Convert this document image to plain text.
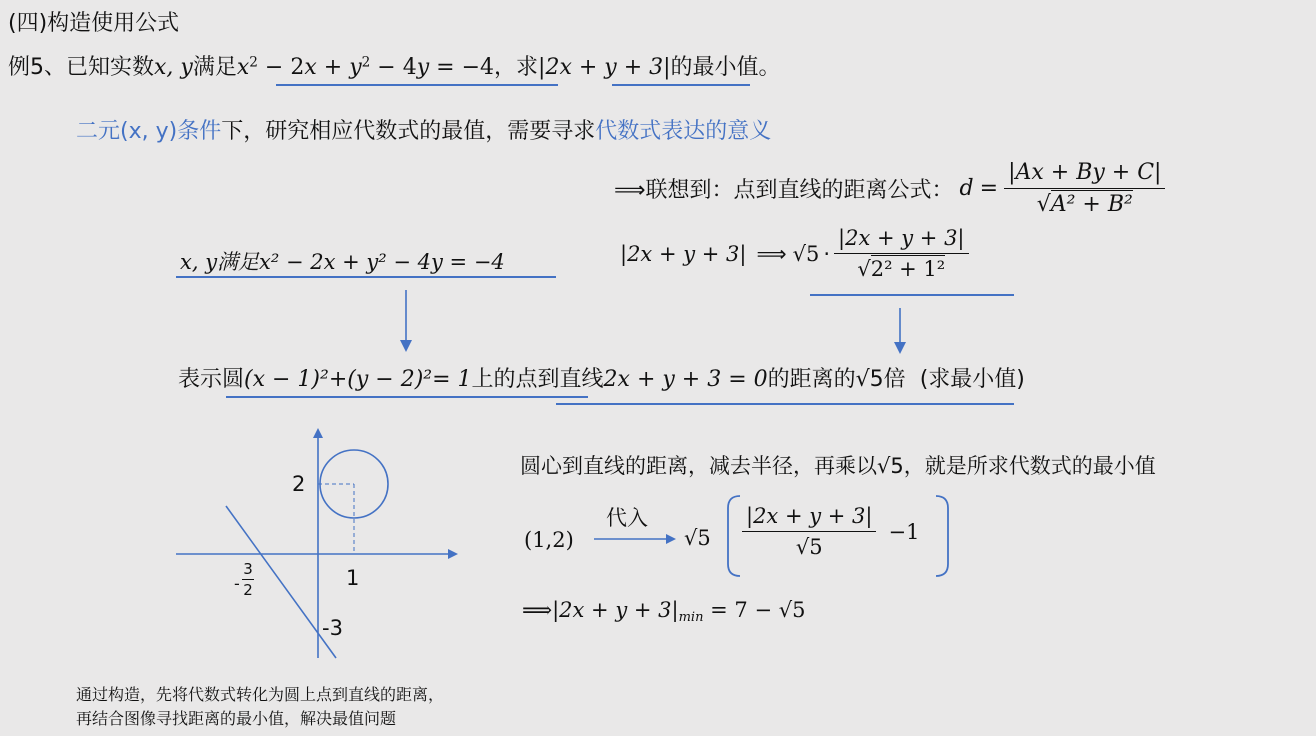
(四)构造使用公式
例5、已知实数x, y满足$x^2 - 2x + y^2 - 4y = -4$，求|2x + y + 3|的最小值。
二元(x, y)条件下，研究相应代数式的最值，需要寻求代数式表达的意义
⟹联想到：点到直线的距离公式： $d = \frac{|Ax + By + C|}{\text{√A² + B²}}$
x, y满足x² − 2x + y² − 4y = −4	|2x + y + 3| ⟹ $√5 \cdot \frac{|2x + y + 3|}{\text{√2² + 1²}}$
表示圆(x − 1)²+(y − 2)²= 1上的点到直线2x + y + 3 = 0的距离的√5倍 (求最小值)
2
1
-3
-
3
2
圆心到直线的距离，减去半径，再乘以√5，就是所求代数式的最小值
(1,2)
代入
$√5 \frac{|2x + y + 3|}{√5} -1$
⟹|2x + $y + 3|_{min} = 7 - √5$
通过构造，先将代数式转化为圆上点到直线的距离，
再结合图像寻找距离的最小值，解决最值问题
